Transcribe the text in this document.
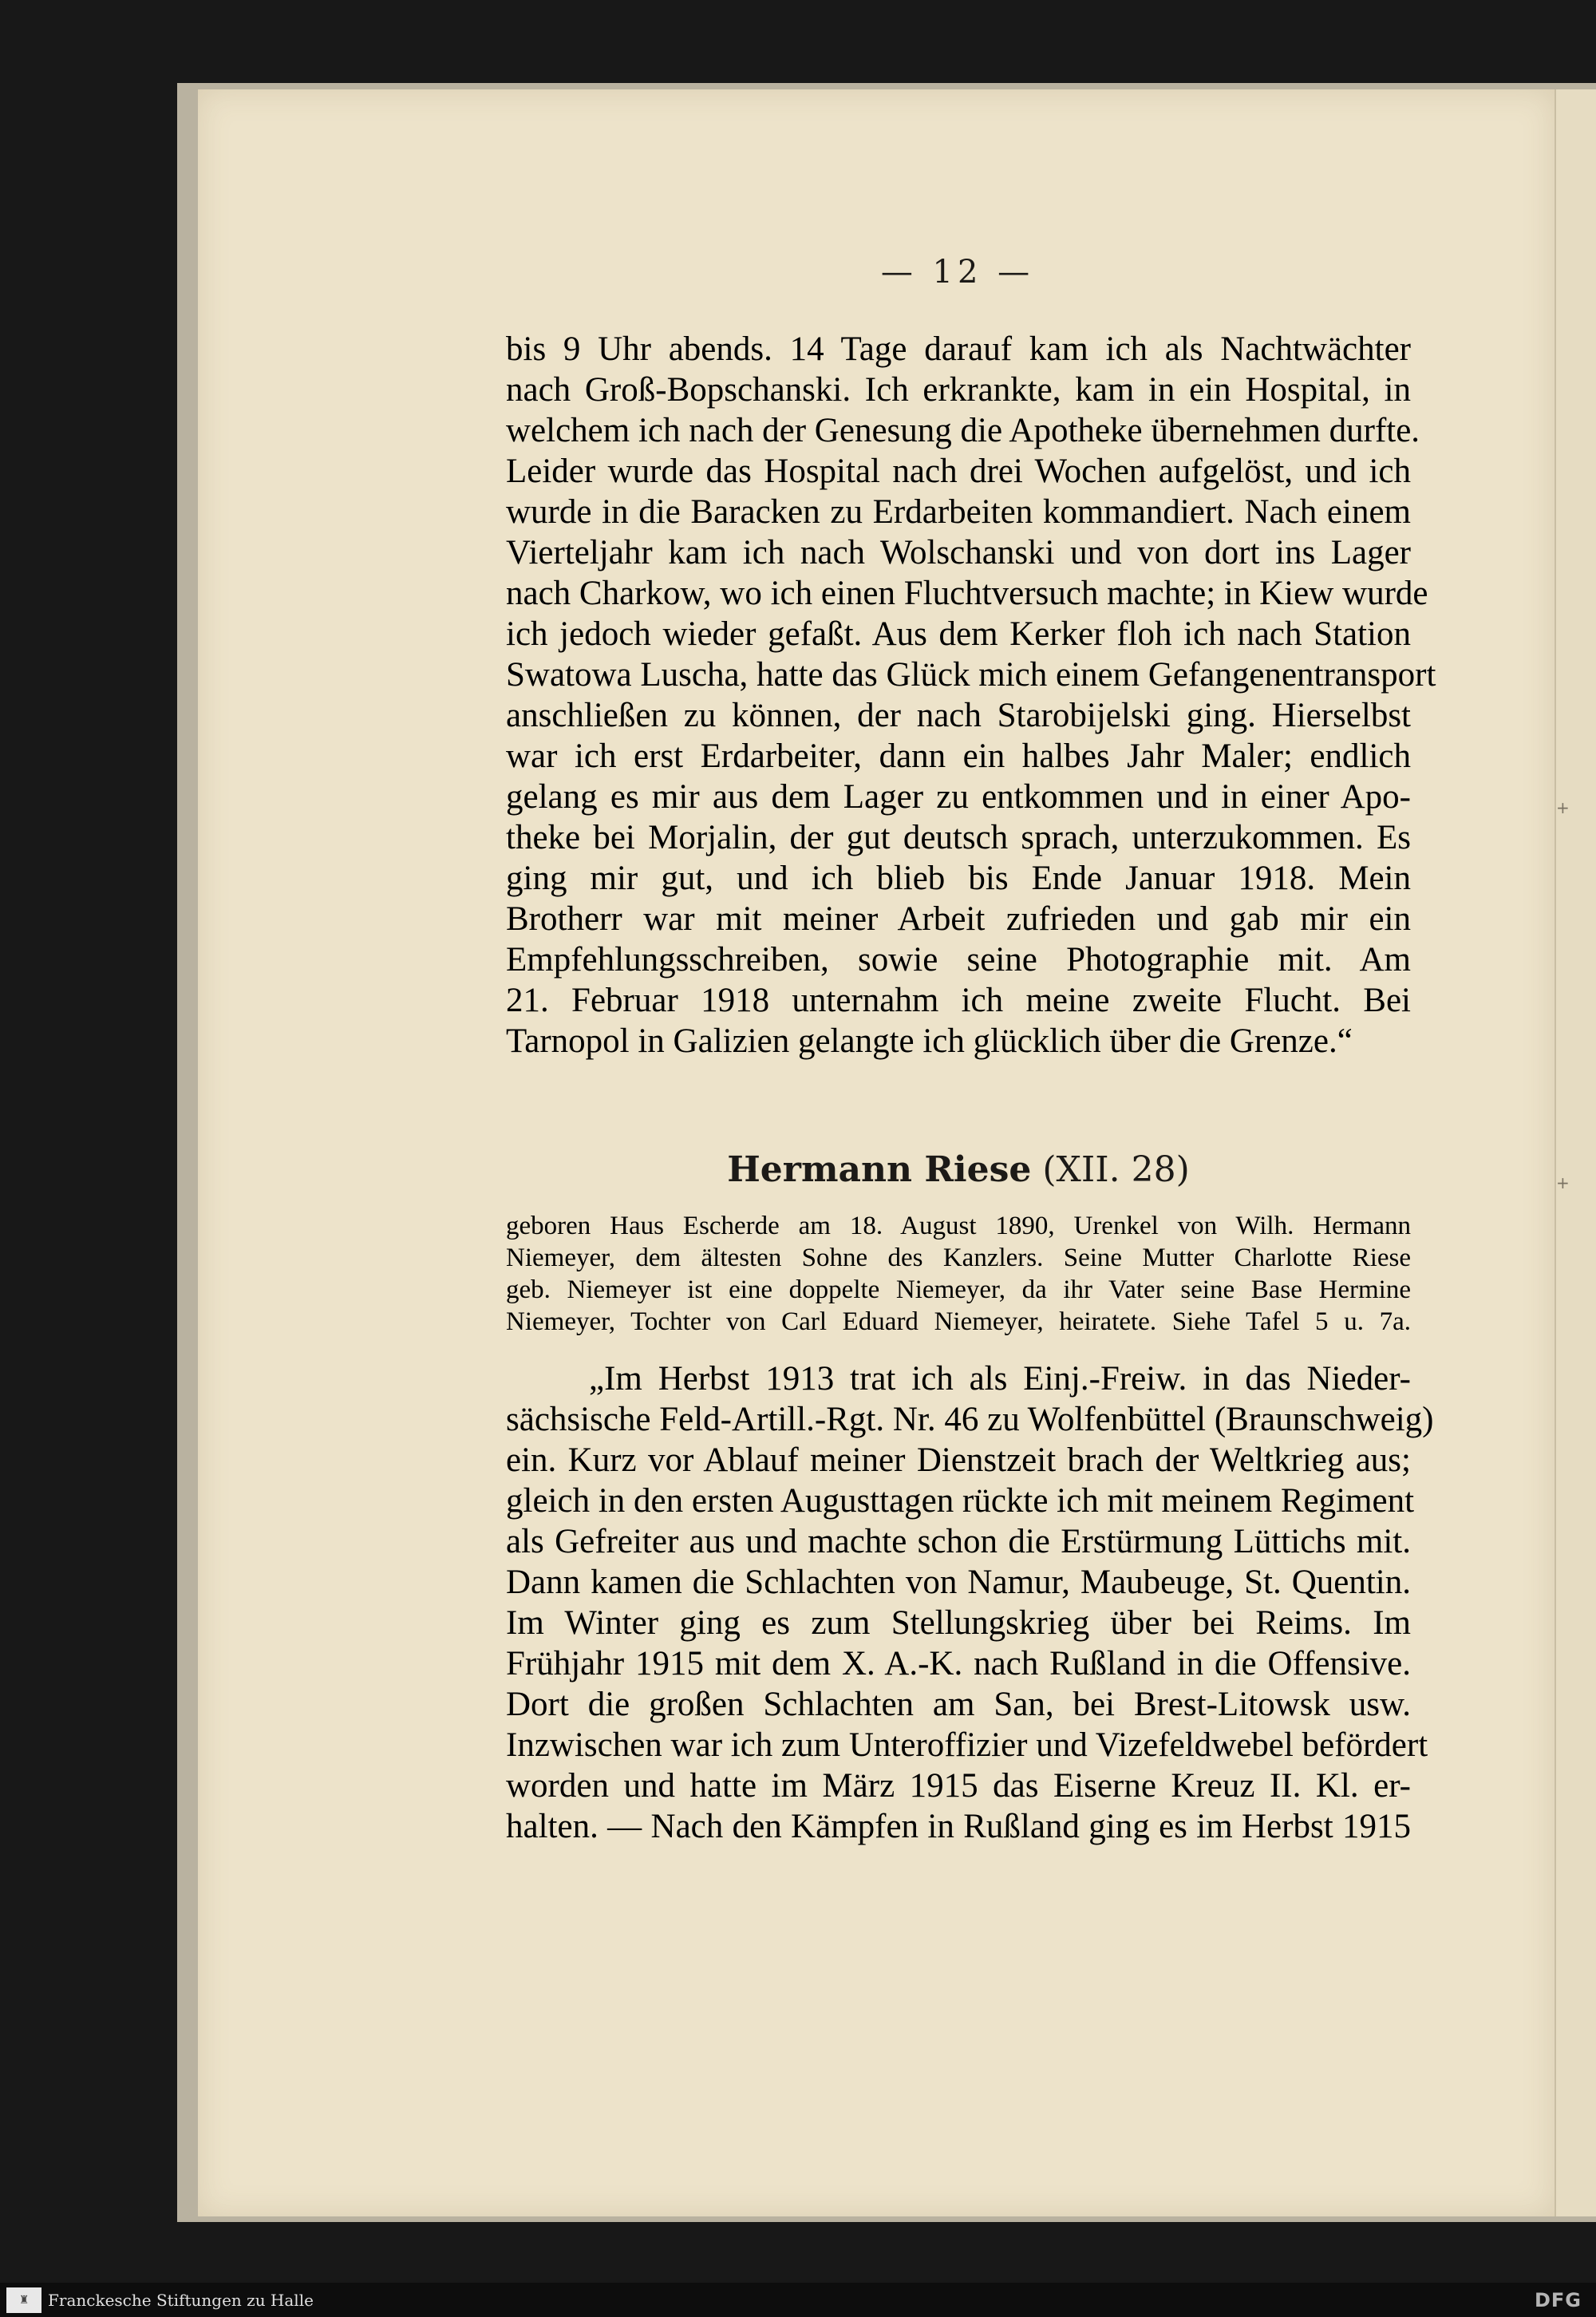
— 12 —
bis 9 Uhr abends. 14 Tage darauf kam ich als Nachtwächter
nach Groß-Bopschanski. Ich erkrankte, kam in ein Hospital, in
welchem ich nach der Genesung die Apotheke übernehmen durfte.
Leider wurde das Hospital nach drei Wochen aufgelöst, und ich
wurde in die Baracken zu Erdarbeiten kommandiert. Nach einem
Vierteljahr kam ich nach Wolschanski und von dort ins Lager
nach Charkow, wo ich einen Fluchtversuch machte; in Kiew wurde
ich jedoch wieder gefaßt. Aus dem Kerker floh ich nach Station
Swatowa Luscha, hatte das Glück mich einem Gefangenentransport
anschließen zu können, der nach Starobijelski ging. Hierselbst
war ich erst Erdarbeiter, dann ein halbes Jahr Maler; endlich
gelang es mir aus dem Lager zu entkommen und in einer Apo-
theke bei Morjalin, der gut deutsch sprach, unterzukommen. Es
ging mir gut, und ich blieb bis Ende Januar 1918. Mein
Brotherr war mit meiner Arbeit zufrieden und gab mir ein
Empfehlungsschreiben, sowie seine Photographie mit. Am
21. Februar 1918 unternahm ich meine zweite Flucht. Bei
Tarnopol in Galizien gelangte ich glücklich über die Grenze.“
Hermann Riese (XII. 28)
geboren Haus Escherde am 18. August 1890, Urenkel von Wilh. Hermann
Niemeyer, dem ältesten Sohne des Kanzlers. Seine Mutter Charlotte Riese
geb. Niemeyer ist eine doppelte Niemeyer, da ihr Vater seine Base Hermine
Niemeyer, Tochter von Carl Eduard Niemeyer, heiratete. Siehe Tafel 5 u. 7a.
„Im Herbst 1913 trat ich als Einj.-Freiw. in das Nieder-
sächsische Feld-Artill.-Rgt. Nr. 46 zu Wolfenbüttel (Braunschweig)
ein. Kurz vor Ablauf meiner Dienstzeit brach der Weltkrieg aus;
gleich in den ersten Augusttagen rückte ich mit meinem Regiment
als Gefreiter aus und machte schon die Erstürmung Lüttichs mit.
Dann kamen die Schlachten von Namur, Maubeuge, St. Quentin.
Im Winter ging es zum Stellungskrieg über bei Reims. Im
Frühjahr 1915 mit dem X. A.-K. nach Rußland in die Offensive.
Dort die großen Schlachten am San, bei Brest-Litowsk usw.
Inzwischen war ich zum Unteroffizier und Vizefeldwebel befördert
worden und hatte im März 1915 das Eiserne Kreuz II. Kl. er-
halten. — Nach den Kämpfen in Rußland ging es im Herbst 1915
+
+
♜	Franckesche Stiftungen zu Halle	DFG
